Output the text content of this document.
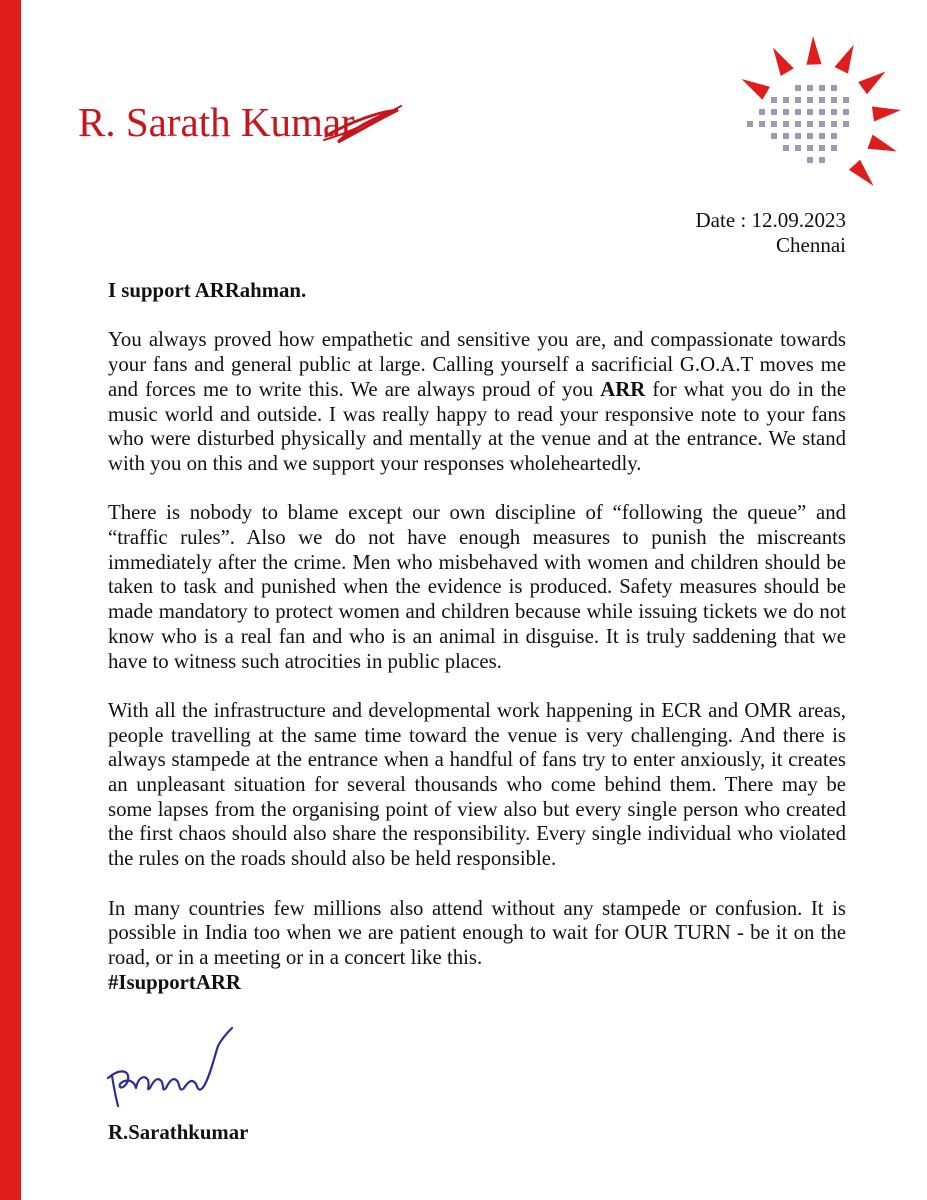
R. Sarath Kumar
Date : 12.09.2023
Chennai

I support ARRahman.

You always proved how empathetic and sensitive you are, and compassionate towards your fans and general public at large. Calling yourself a sacrificial G.O.A.T moves me and forces me to write this. We are always proud of you ARR for what you do in the music world and outside. I was really happy to read your responsive note to your fans who were disturbed physically and mentally at the venue and at the entrance. We stand with you on this and we support your responses wholeheartedly.

There is nobody to blame except our own discipline of “following the queue” and “traffic rules”. Also we do not have enough measures to punish the miscreants immediately after the crime. Men who misbehaved with women and children should be taken to task and punished when the evidence is produced. Safety measures should be made mandatory to protect women and children because while issuing tickets we do not know who is a real fan and who is an animal in disguise. It is truly saddening that we have to witness such atrocities in public places.

With all the infrastructure and developmental work happening in ECR and OMR areas, people travelling at the same time toward the venue is very challenging. And there is always stampede at the entrance when a handful of fans try to enter anxiously, it creates an unpleasant situation for several thousands who come behind them. There may be some lapses from the organising point of view also but every single person who created the first chaos should also share the responsibility. Every single individual who violated the rules on the roads should also be held responsible.

In many countries few millions also attend without any stampede or confusion. It is possible in India too when we are patient enough to wait for OUR TURN - be it on the road, or in a meeting or in a concert like this.

#IsupportARR

R.Sarathkumar
